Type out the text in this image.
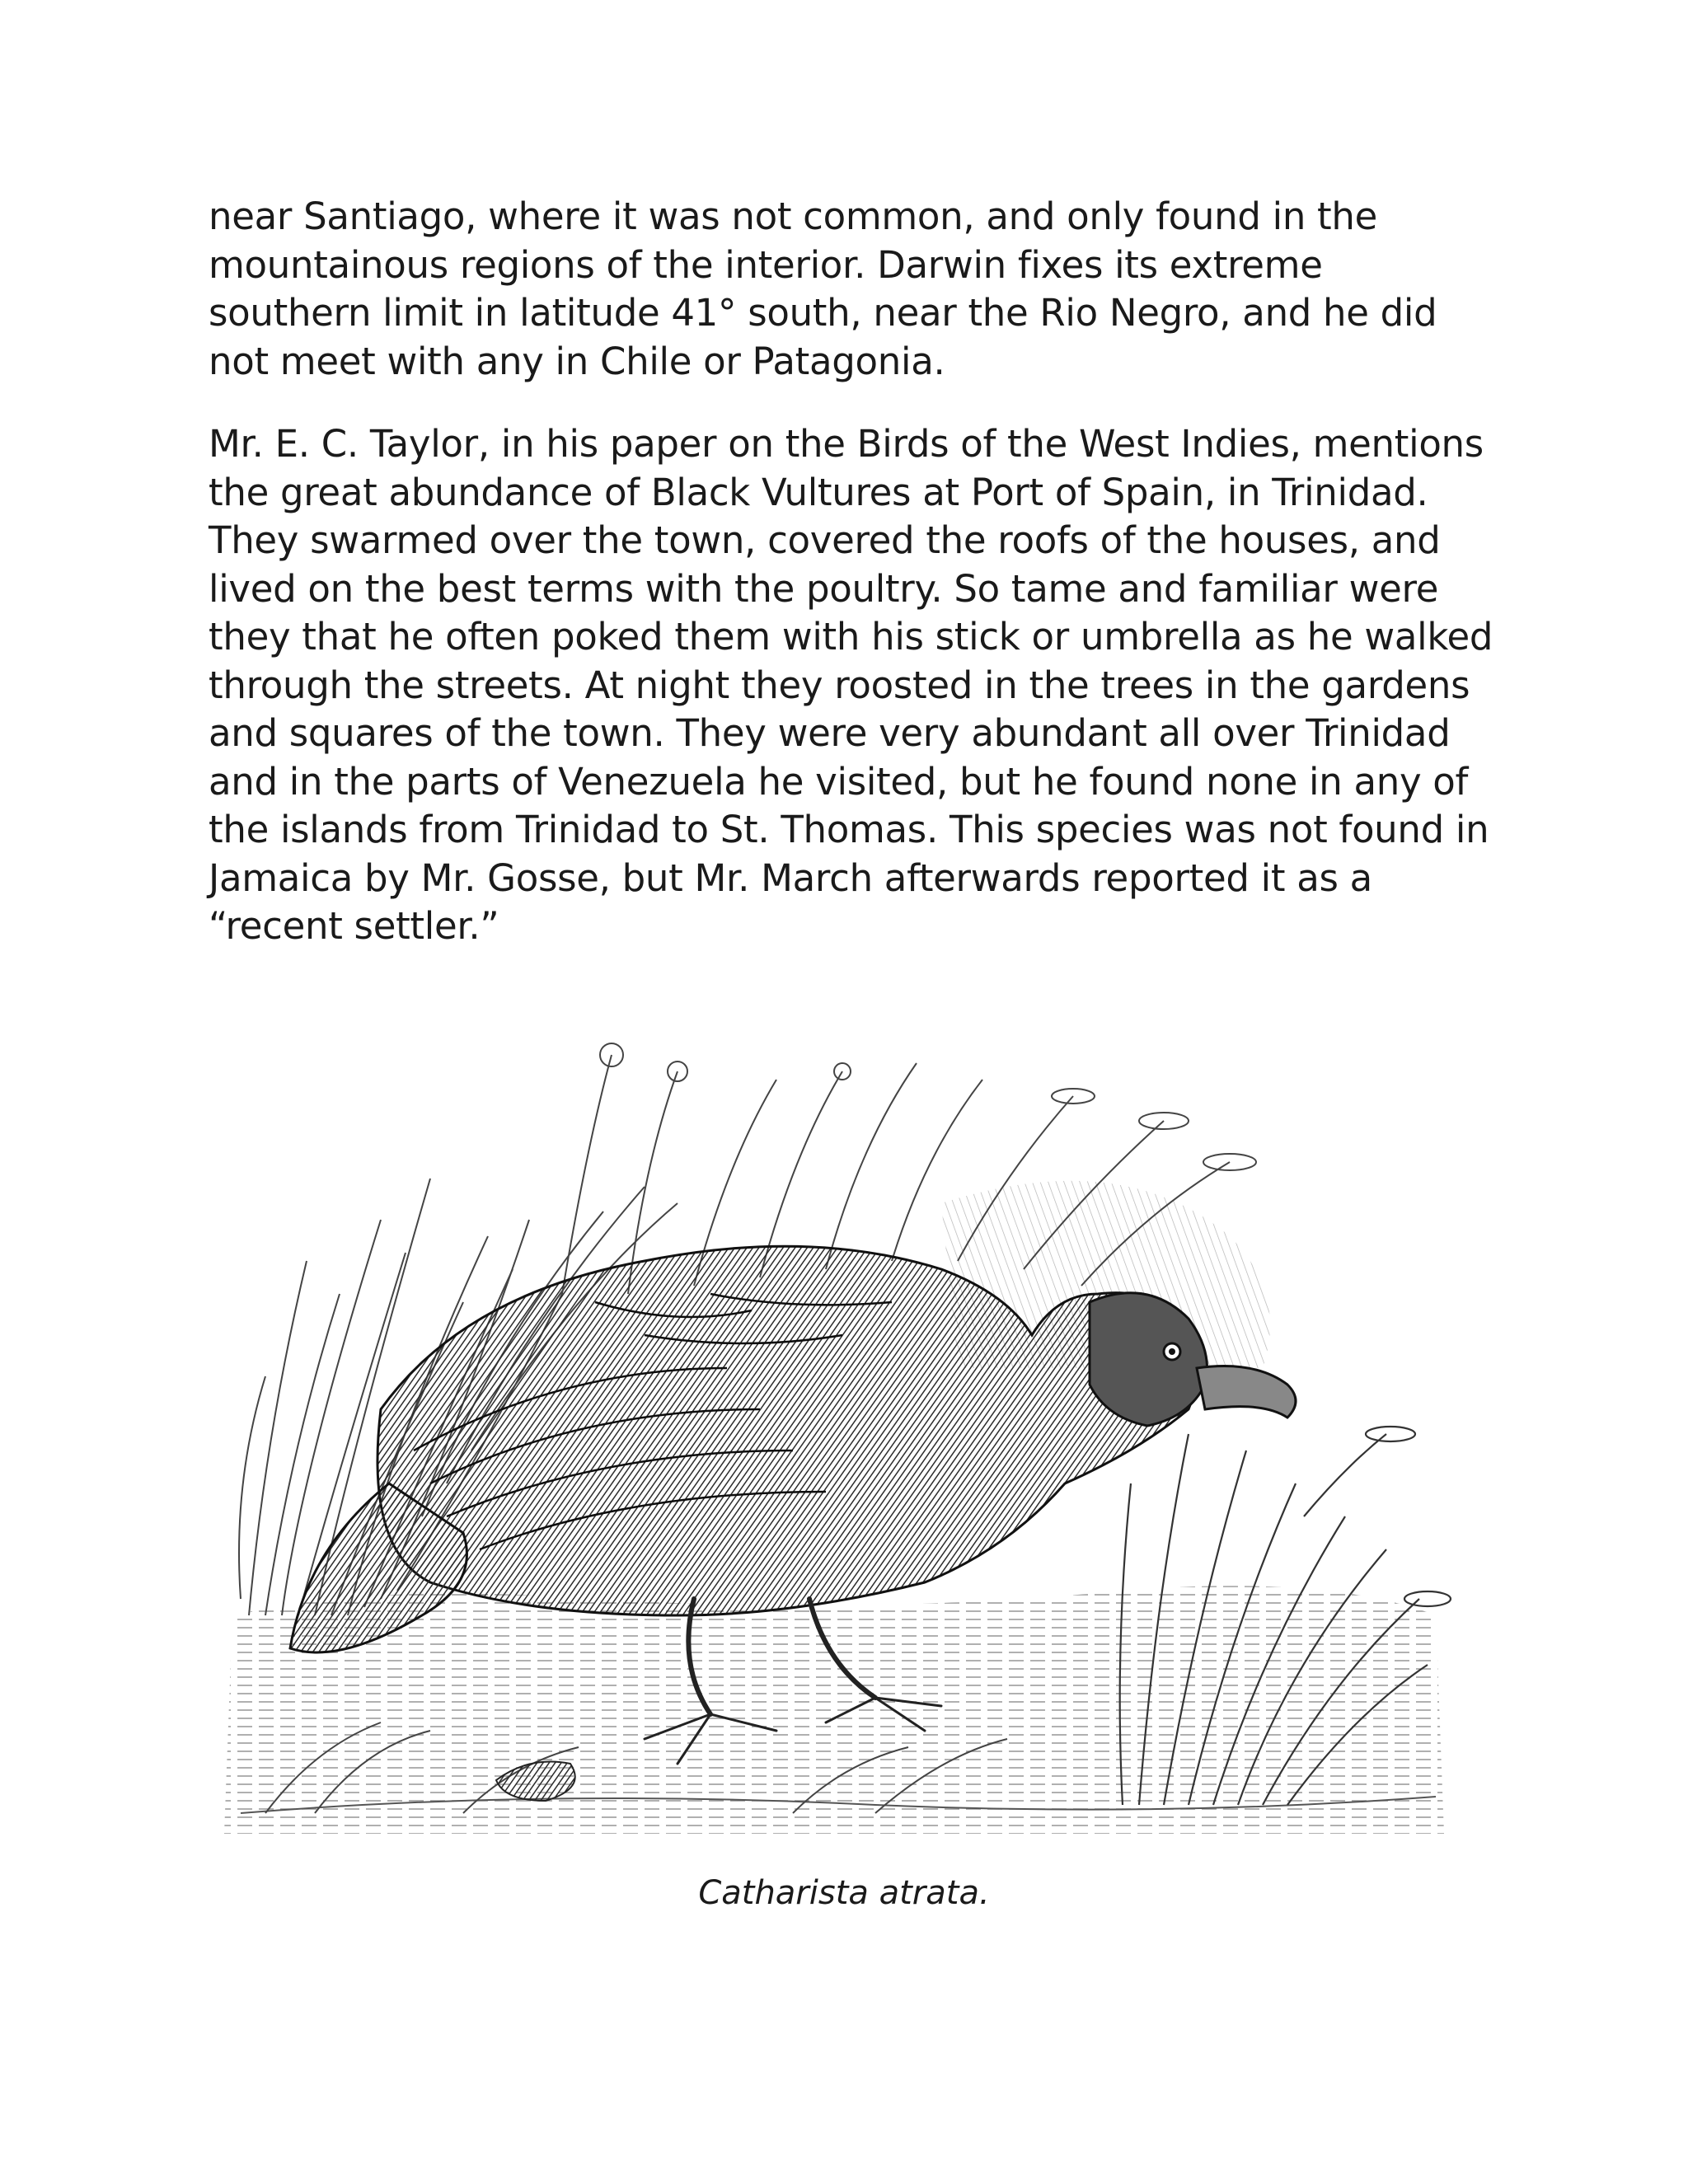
near Santiago, where it was not common, and only found in the mountainous regions of the interior. Darwin fixes its extreme southern limit in latitude 41° south, near the Rio Negro, and he did not meet with any in Chile or Patagonia.

Mr. E. C. Taylor, in his paper on the Birds of the West Indies, mentions the great abundance of Black Vultures at Port of Spain, in Trinidad. They swarmed over the town, covered the roofs of the houses, and lived on the best terms with the poultry. So tame and familiar were they that he often poked them with his stick or umbrella as he walked through the streets. At night they roosted in the trees in the gardens and squares of the town. They were very abundant all over Trinidad and in the parts of Venezuela he visited, but he found none in any of the islands from Trinidad to St. Thomas. This species was not found in Jamaica by Mr. Gosse, but Mr. March afterwards reported it as a “recent settler.”

Catharista atrata.
